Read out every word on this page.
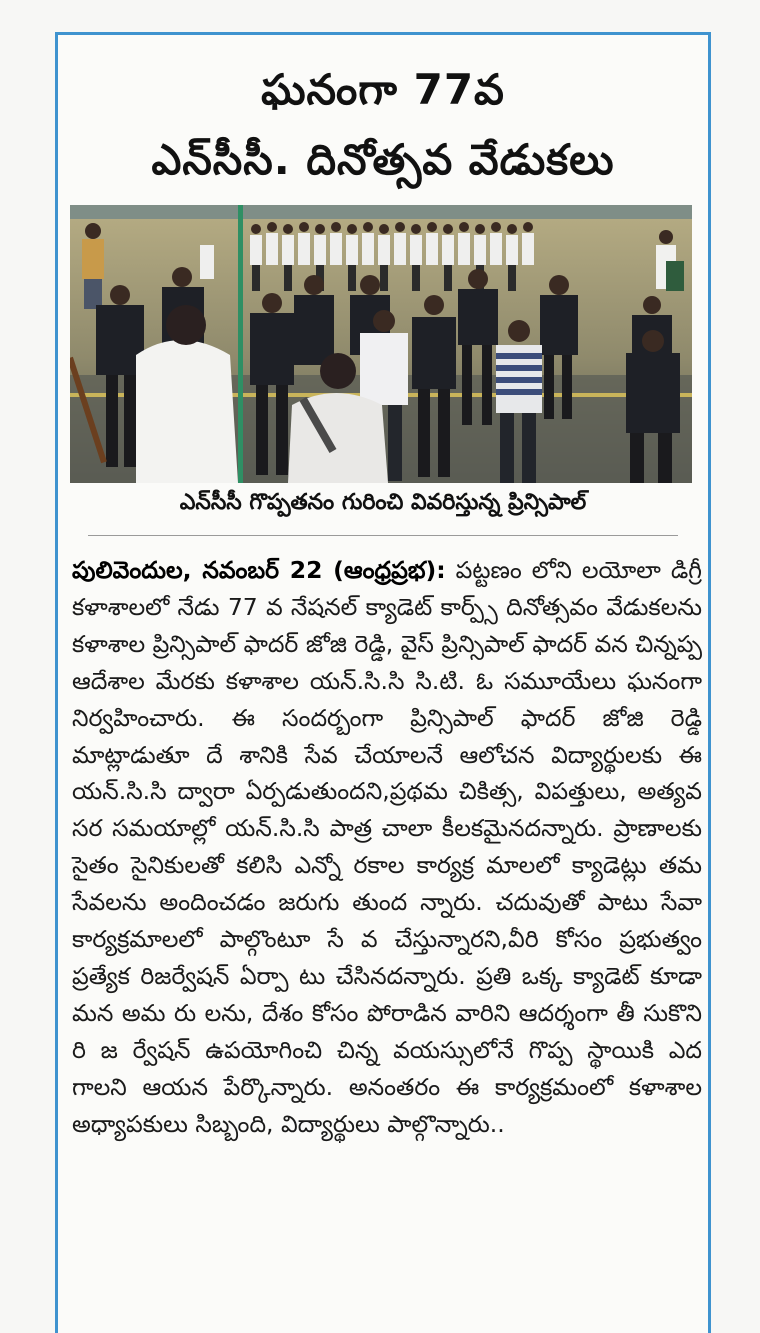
ఘనంగా 77వ
ఎన్‌సీసీ. దినోత్సవ వేడుకలు
ఎన్‌సీసీ గొప్పతనం గురించి వివరిస్తున్న ప్రిన్సిపాల్

పులివెందుల, నవంబర్ 22 (ఆంధ్రప్రభ): పట్టణం లోని లయోలా డిగ్రీ కళాశాలలో నేడు 77 వ నేషనల్ క్యాడెట్ కార్ప్స్ దినోత్సవం వేడుకలను కళాశాల ప్రిన్సిపాల్ ఫాదర్ జోజి రెడ్డి, వైస్ ప్రిన్సిపాల్ ఫాదర్ వన చిన్నప్ప ఆదేశాల మేరకు కళాశాల యన్.సి.సి సి.టి. ఓ సమూయేలు ఘనంగా నిర్వహించారు. ఈ సందర్బంగా ప్రిన్సిపాల్ ఫాదర్ జోజి రెడ్డి మాట్లాడుతూ దే శానికి సేవ చేయాలనే ఆలోచన విద్యార్థులకు ఈ యన్.సి.సి ద్వారా ఏర్పడుతుందని,ప్రథమ చికిత్స, విపత్తులు, అత్యవ సర సమయాల్లో యన్.సి.సి పాత్ర చాలా కీలకమైనదన్నారు. ప్రాణాలకు సైతం సైనికులతో కలిసి ఎన్నో రకాల కార్యక్ర మాలలో క్యాడెట్లు తమ సేవలను అందించడం జరుగు తుంద న్నారు. చదువుతో పాటు సేవా కార్యక్రమాలలో పాల్గొంటూ సే వ చేస్తున్నారని,వీరి కోసం ప్రభుత్వం ప్రత్యేక రిజర్వేషన్ ఏర్పా టు చేసినదన్నారు. ప్రతి ఒక్క క్యాడెట్ కూడా మన అమ రు లను, దేశం కోసం పోరాడిన వారిని ఆదర్శంగా తీ సుకొని రి జ ర్వేషన్ ఉపయోగించి చిన్న వయస్సులోనే గొప్ప స్థాయికి ఎద గాలని ఆయన పేర్కొన్నారు. అనంతరం ఈ కార్యక్రమంలో కళాశాల అధ్యాపకులు సిబ్బంది, విద్యార్థులు పాల్గొన్నారు..
